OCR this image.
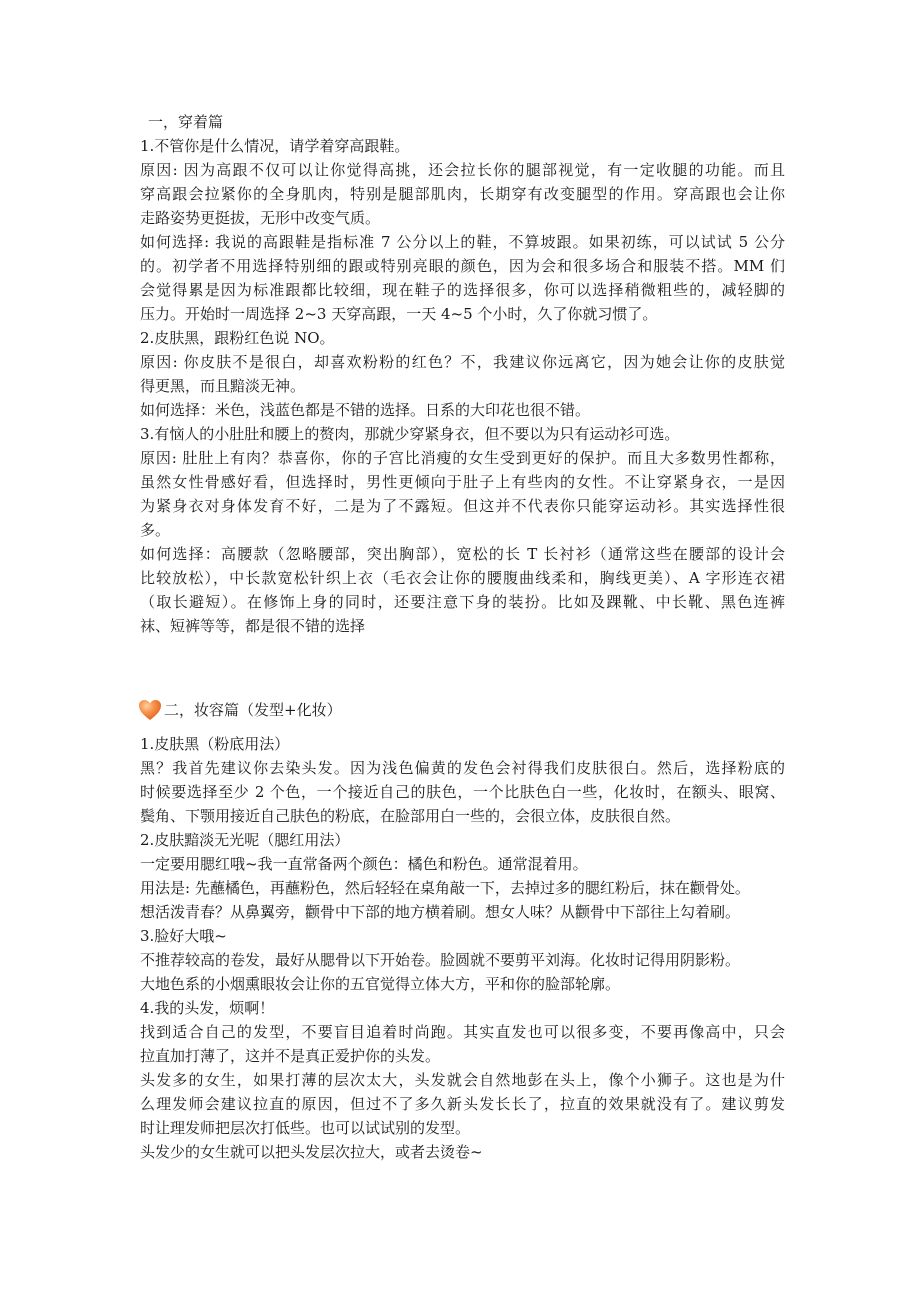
一，穿着篇
1.不管你是什么情况，请学着穿高跟鞋。
原因: 因为高跟不仅可以让你觉得高挑，还会拉长你的腿部视觉，有一定收腿的功能。而且
穿高跟会拉紧你的全身肌肉，特别是腿部肌肉，长期穿有改变腿型的作用。穿高跟也会让你
走路姿势更挺拔，无形中改变气质。
如何选择: 我说的高跟鞋是指标准 7 公分以上的鞋，不算坡跟。如果初练，可以试试 5 公分
的。初学者不用选择特别细的跟或特别亮眼的颜色，因为会和很多场合和服装不搭。MM 们
会觉得累是因为标准跟都比较细，现在鞋子的选择很多，你可以选择稍微粗些的，减轻脚的
压力。开始时一周选择 2~3 天穿高跟，一天 4~5 个小时，久了你就习惯了。
2.皮肤黑，跟粉红色说 NO。
原因: 你皮肤不是很白，却喜欢粉粉的红色？不，我建议你远离它，因为她会让你的皮肤觉
得更黑，而且黯淡无神。
如何选择：米色，浅蓝色都是不错的选择。日系的大印花也很不错。
3.有恼人的小肚肚和腰上的赘肉，那就少穿紧身衣，但不要以为只有运动衫可选。
原因: 肚肚上有肉？恭喜你，你的子宫比消瘦的女生受到更好的保护。而且大多数男性都称，
虽然女性骨感好看，但选择时，男性更倾向于肚子上有些肉的女性。不让穿紧身衣，一是因
为紧身衣对身体发育不好，二是为了不露短。但这并不代表你只能穿运动衫。其实选择性很
多。
如何选择：高腰款（忽略腰部，突出胸部），宽松的长 T 长衬衫（通常这些在腰部的设计会
比较放松），中长款宽松针织上衣（毛衣会让你的腰腹曲线柔和，胸线更美）、A 字形连衣裙
（取长避短）。在修饰上身的同时，还要注意下身的装扮。比如及踝靴、中长靴、黑色连裤
袜、短裤等等，都是很不错的选择
二，妆容篇（发型+化妆）
1.皮肤黑（粉底用法）
黑？我首先建议你去染头发。因为浅色偏黄的发色会衬得我们皮肤很白。然后，选择粉底的
时候要选择至少 2 个色，一个接近自己的肤色，一个比肤色白一些，化妆时，在额头、眼窝、
鬓角、下颚用接近自己肤色的粉底，在脸部用白一些的，会很立体，皮肤很自然。
2.皮肤黯淡无光呢（腮红用法）
一定要用腮红哦~我一直常备两个颜色：橘色和粉色。通常混着用。
用法是: 先蘸橘色，再蘸粉色，然后轻轻在桌角敲一下，去掉过多的腮红粉后，抹在颧骨处。
想活泼青春？从鼻翼旁，颧骨中下部的地方横着刷。想女人味？从颧骨中下部往上勾着刷。
3.脸好大哦~
不推荐较高的卷发，最好从腮骨以下开始卷。脸圆就不要剪平刘海。化妆时记得用阴影粉。
大地色系的小烟熏眼妆会让你的五官觉得立体大方，平和你的脸部轮廓。
4.我的头发，烦啊！
找到适合自己的发型，不要盲目追着时尚跑。其实直发也可以很多变，不要再像高中，只会
拉直加打薄了，这并不是真正爱护你的头发。
头发多的女生，如果打薄的层次太大，头发就会自然地彭在头上，像个小狮子。这也是为什
么理发师会建议拉直的原因，但过不了多久新头发长长了，拉直的效果就没有了。建议剪发
时让理发师把层次打低些。也可以试试别的发型。
头发少的女生就可以把头发层次拉大，或者去烫卷~
